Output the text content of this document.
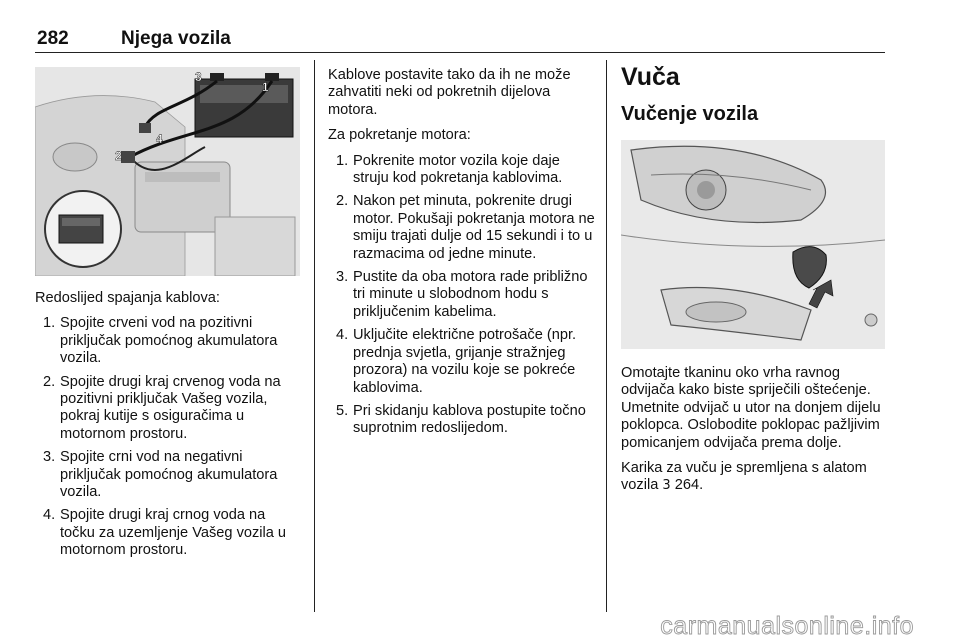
282	Njega vozila
1
2
3
4

Redoslijed spajanja kablova:

1. Spojite crveni vod na pozitivni priključak pomoćnog akumulatora vozila.
2. Spojite drugi kraj crvenog voda na pozitivni priključak Vašeg vozila, pokraj kutije s osiguračima u motornom prostoru.
3. Spojite crni vod na negativni priključak pomoćnog akumulatora vozila.
4. Spojite drugi kraj crnog voda na točku za uzemljenje Vašeg vozila u motornom prostoru.

Kablove postavite tako da ih ne može zahvatiti neki od pokretnih dijelova motora.

Za pokretanje motora:

1. Pokrenite motor vozila koje daje struju kod pokretanja kablovima.
2. Nakon pet minuta, pokrenite drugi motor. Pokušaji pokretanja motora ne smiju trajati dulje od 15 sekundi i to u razmacima od jedne minute.
3. Pustite da oba motora rade približno tri minute u slobodnom hodu s priključenim kabelima.
4. Uključite električne potrošače (npr. prednja svjetla, grijanje stražnjeg prozora) na vozilu koje se pokreće kablovima.
5. Pri skidanju kablova postupite točno suprotnim redoslijedom.
Vuča
Vučenje vozila

Omotajte tkaninu oko vrha ravnog odvijača kako biste spriječili oštećenje. Umetnite odvijač u utor na donjem dijelu poklopca. Oslobodite poklopac pažljivim pomicanjem odvijača prema dolje.

Karika za vuču je spremljena s alatom vozila 3 264.

carmanualsonline.info
